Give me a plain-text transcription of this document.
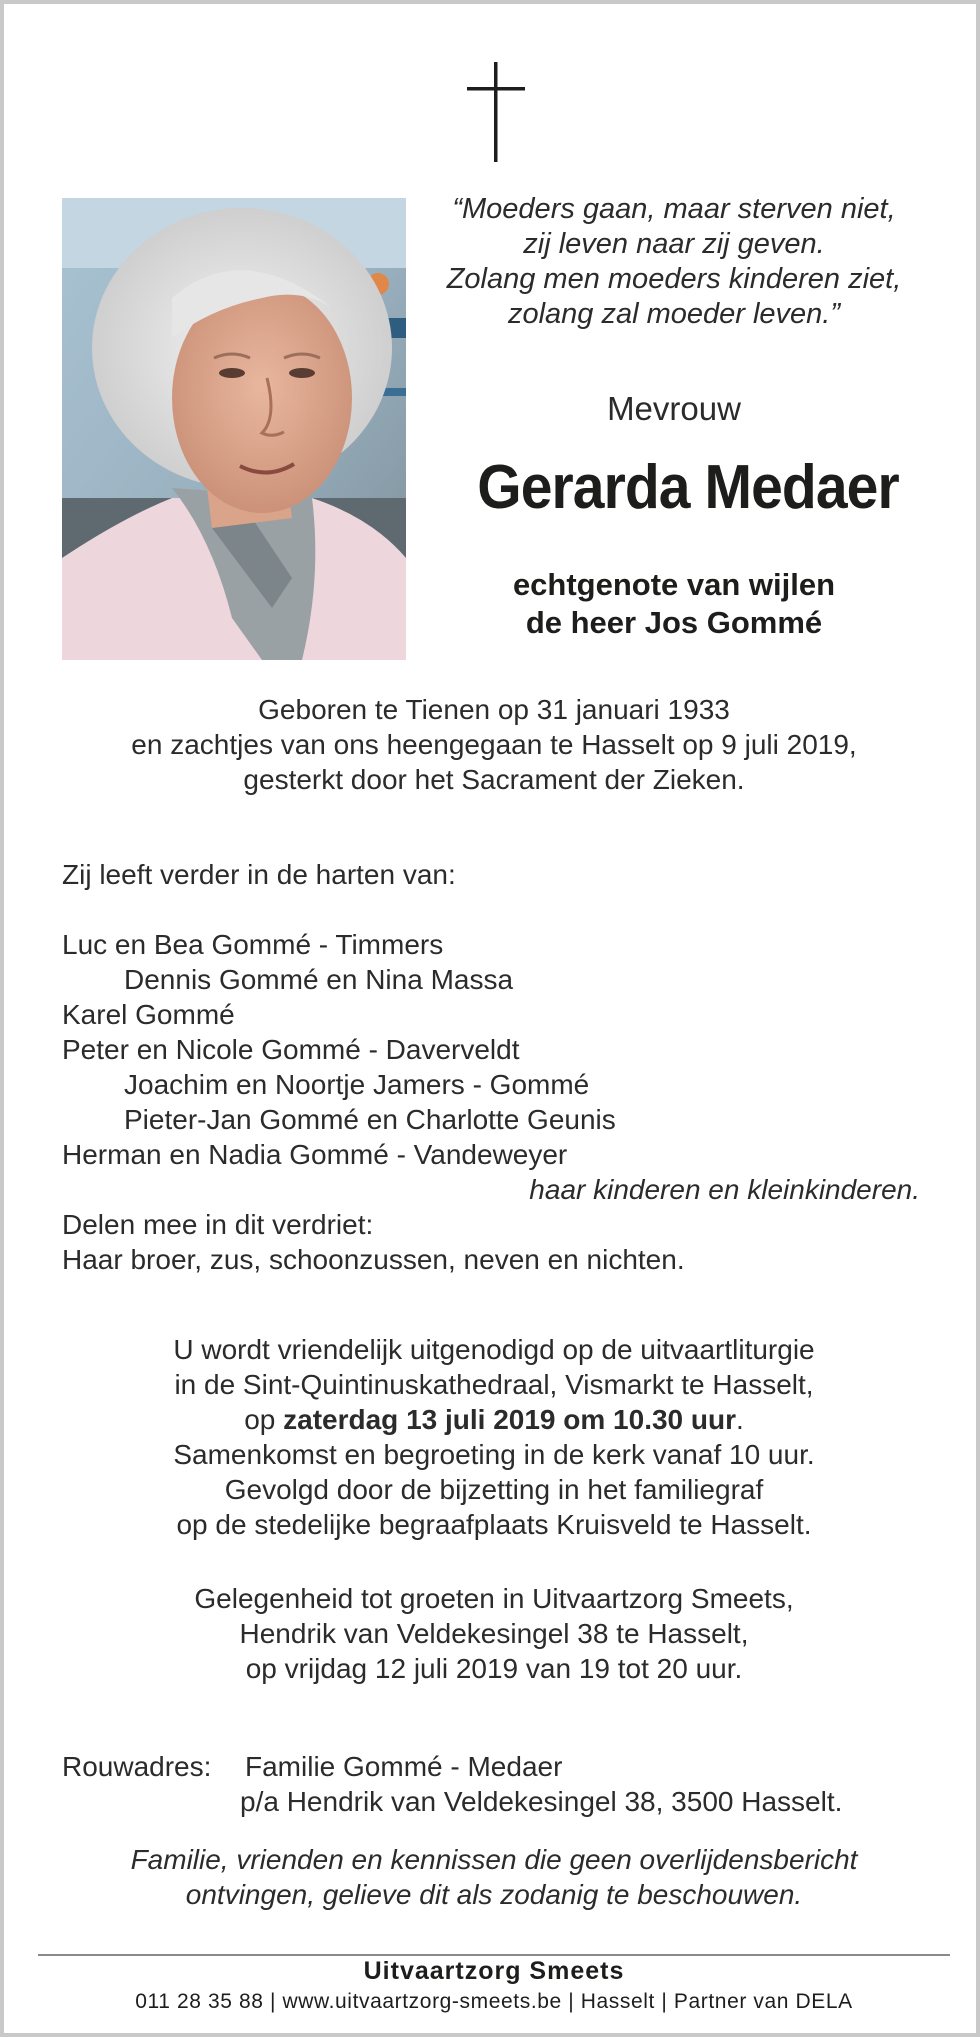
“Moeders gaan, maar sterven niet,
zij leven naar zij geven.
Zolang men moeders kinderen ziet,
zolang zal moeder leven.”
Mevrouw
Gerarda Medaer
echtgenote van wijlen
de heer Jos Gommé
Geboren te Tienen op 31 januari 1933
en zachtjes van ons heengegaan te Hasselt op 9 juli 2019,
gesterkt door het Sacrament der Zieken.
Zij leeft verder in de harten van:
Luc en Bea Gommé - Timmers
Dennis Gommé en Nina Massa
Karel Gommé
Peter en Nicole Gommé - Daverveldt
Joachim en Noortje Jamers - Gommé
Pieter-Jan Gommé en Charlotte Geunis
Herman en Nadia Gommé - Vandeweyer
haar kinderen en kleinkinderen.
Delen mee in dit verdriet:
Haar broer, zus, schoonzussen, neven en nichten.
U wordt vriendelijk uitgenodigd op de uitvaartliturgie
in de Sint-Quintinuskathedraal, Vismarkt te Hasselt,
op zaterdag 13 juli 2019 om 10.30 uur.
Samenkomst en begroeting in de kerk vanaf 10 uur.
Gevolgd door de bijzetting in het familiegraf
op de stedelijke begraafplaats Kruisveld te Hasselt.
Gelegenheid tot groeten in Uitvaartzorg Smeets,
Hendrik van Veldekesingel 38 te Hasselt,
op vrijdag 12 juli 2019 van 19 tot 20 uur.
Rouwadres: Familie Gommé - Medaer
p/a Hendrik van Veldekesingel 38, 3500 Hasselt.
Familie, vrienden en kennissen die geen overlijdensbericht
ontvingen, gelieve dit als zodanig te beschouwen.
Uitvaartzorg Smeets
011 28 35 88 | www.uitvaartzorg-smeets.be | Hasselt | Partner van DELA
